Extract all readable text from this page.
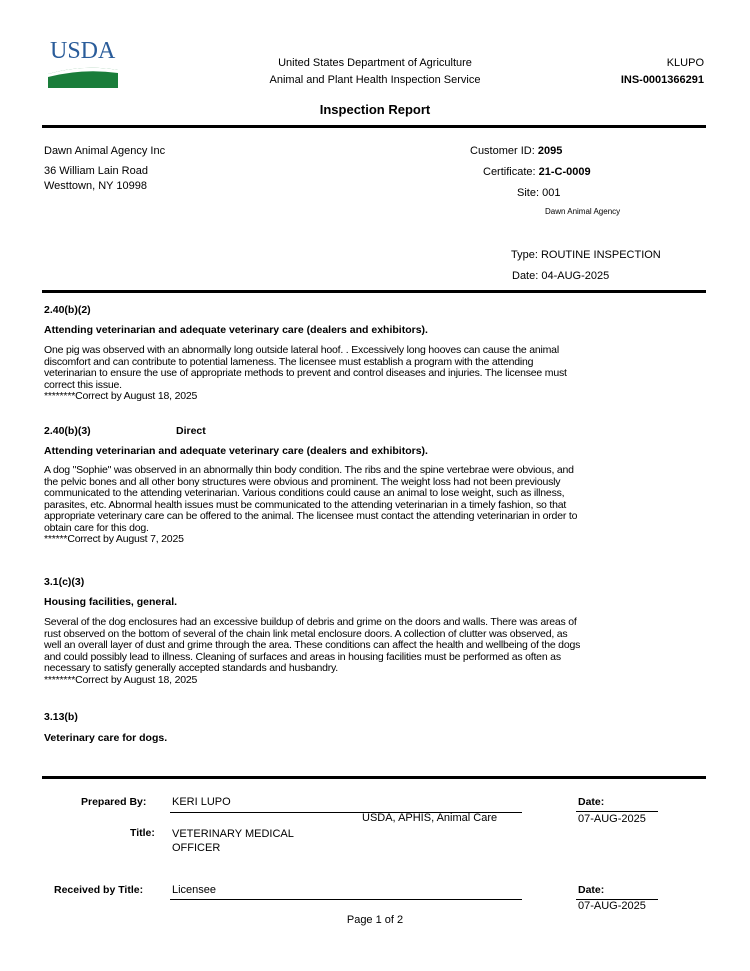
USDA	United States Department of Agriculture
Animal and Plant Health Inspection Service
KLUPO
INS-0001366291
Inspection Report
Dawn Animal Agency Inc
36 William Lain Road
Westtown, NY 10998
Customer ID: 2095
Certificate: 21-C-0009
Site: 001
Dawn Animal Agency
Type: ROUTINE INSPECTION
Date: 04-AUG-2025
2.40(b)(2)
Attending veterinarian and adequate veterinary care (dealers and exhibitors).
One pig was observed with an abnormally long outside lateral hoof. . Excessively long hooves can cause the animal
discomfort and can contribute to potential lameness. The licensee must establish a program with the attending
veterinarian to ensure the use of appropriate methods to prevent and control diseases and injuries. The licensee must
correct this issue.
********Correct by August 18, 2025
2.40(b)(3)	Direct
Attending veterinarian and adequate veterinary care (dealers and exhibitors).
A dog "Sophie" was observed in an abnormally thin body condition. The ribs and the spine vertebrae were obvious, and
the pelvic bones and all other bony structures were obvious and prominent. The weight loss had not been previously
communicated to the attending veterinarian. Various conditions could cause an animal to lose weight, such as illness,
parasites, etc. Abnormal health issues must be communicated to the attending veterinarian in a timely fashion, so that
appropriate veterinary care can be offered to the animal. The licensee must contact the attending veterinarian in order to
obtain care for this dog.
******Correct by August 7, 2025
3.1(c)(3)
Housing facilities, general.
Several of the dog enclosures had an excessive buildup of debris and grime on the doors and walls. There was areas of
rust observed on the bottom of several of the chain link metal enclosure doors. A collection of clutter was observed, as
well an overall layer of dust and grime through the area. These conditions can affect the health and wellbeing of the dogs
and could possibly lead to illness. Cleaning of surfaces and areas in housing facilities must be performed as often as
necessary to satisfy generally accepted standards and husbandry.
********Correct by August 18, 2025
3.13(b)
Veterinary care for dogs.
Prepared By: KERI LUPO
USDA, APHIS, Animal Care
Date:
07-AUG-2025
Title: VETERINARY MEDICAL
OFFICER
Received by Title:	Licensee	Date:
07-AUG-2025
Page 1 of 2
